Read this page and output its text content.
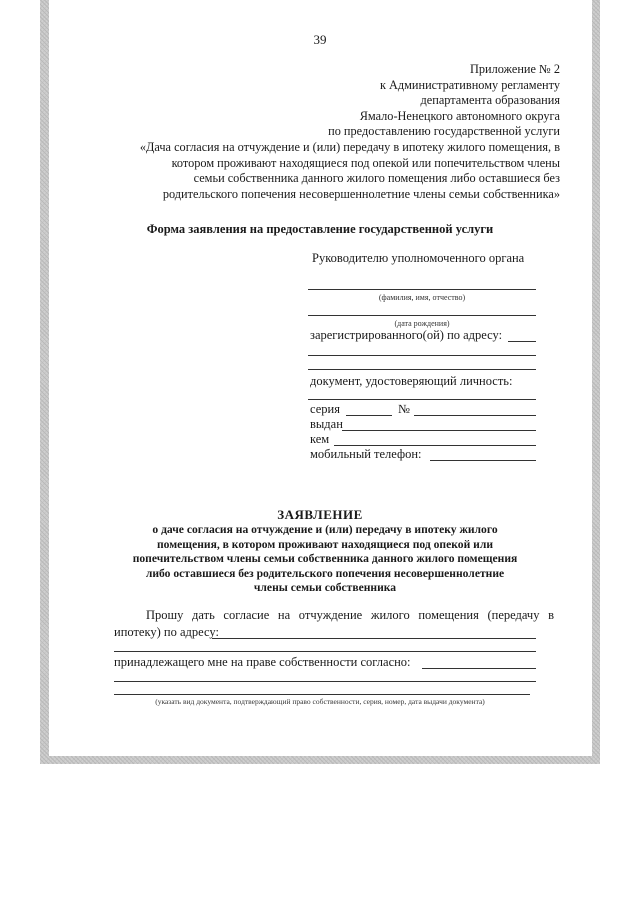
39
Приложение № 2
к Административному регламенту
департамента образования
Ямало-Ненецкого автономного округа
по предоставлению государственной услуги
«Дача согласия на отчуждение и (или) передачу в ипотеку жилого помещения, в
котором проживают находящиеся под опекой или попечительством члены
семьи собственника данного жилого помещения либо оставшиеся без
родительского попечения несовершеннолетние члены семьи собственника»
Форма заявления на предоставление государственной услуги
Руководителю уполномоченного органа
(фамилия, имя, отчество)
(дата рождения)
зарегистрированного(ой) по адресу:
документ, удостоверяющий личность:
серия	№
выдан
кем
мобильный телефон:
ЗАЯВЛЕНИЕ
о даче согласия на отчуждение и (или) передачу в ипотеку жилого
помещения, в котором проживают находящиеся под опекой или
попечительством члены семьи собственника данного жилого помещения
либо оставшиеся без родительского попечения несовершеннолетние
члены семьи собственника
Прошу дать согласие на отчуждение жилого помещения (передачу в ипотеку) по адресу:
принадлежащего мне на праве собственности согласно:
(указать вид документа, подтверждающий право собственности, серия, номер, дата выдачи документа)
